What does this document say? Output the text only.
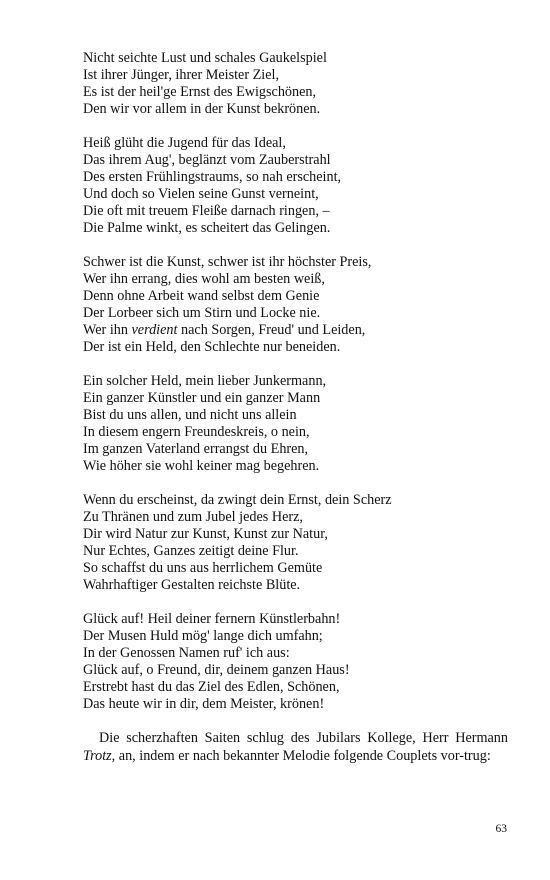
Nicht seichte Lust und schales Gaukelspiel
Ist ihrer Jünger, ihrer Meister Ziel,
Es ist der heil'ge Ernst des Ewigschönen,
Den wir vor allem in der Kunst bekrönen.
Heiß glüht die Jugend für das Ideal,
Das ihrem Aug', beglänzt vom Zauberstrahl
Des ersten Frühlingstraums, so nah erscheint,
Und doch so Vielen seine Gunst verneint,
Die oft mit treuem Fleiße darnach ringen, –
Die Palme winkt, es scheitert das Gelingen.
Schwer ist die Kunst, schwer ist ihr höchster Preis,
Wer ihn errang, dies wohl am besten weiß,
Denn ohne Arbeit wand selbst dem Genie
Der Lorbeer sich um Stirn und Locke nie.
Wer ihn verdient nach Sorgen, Freud' und Leiden,
Der ist ein Held, den Schlechte nur beneiden.
Ein solcher Held, mein lieber Junkermann,
Ein ganzer Künstler und ein ganzer Mann
Bist du uns allen, und nicht uns allein
In diesem engern Freundeskreis, o nein,
Im ganzen Vaterland errangst du Ehren,
Wie höher sie wohl keiner mag begehren.
Wenn du erscheinst, da zwingt dein Ernst, dein Scherz
Zu Thränen und zum Jubel jedes Herz,
Dir wird Natur zur Kunst, Kunst zur Natur,
Nur Echtes, Ganzes zeitigt deine Flur.
So schaffst du uns aus herrlichem Gemüte
Wahrhaftiger Gestalten reichste Blüte.
Glück auf! Heil deiner fernern Künstlerbahn!
Der Musen Huld mög' lange dich umfahn;
In der Genossen Namen ruf' ich aus:
Glück auf, o Freund, dir, deinem ganzen Haus!
Erstrebt hast du das Ziel des Edlen, Schönen,
Das heute wir in dir, dem Meister, krönen!

Die scherzhaften Saiten schlug des Jubilars Kollege, Herr Hermann Trotz, an, indem er nach bekannter Melodie folgende Couplets vor-trug:

63
